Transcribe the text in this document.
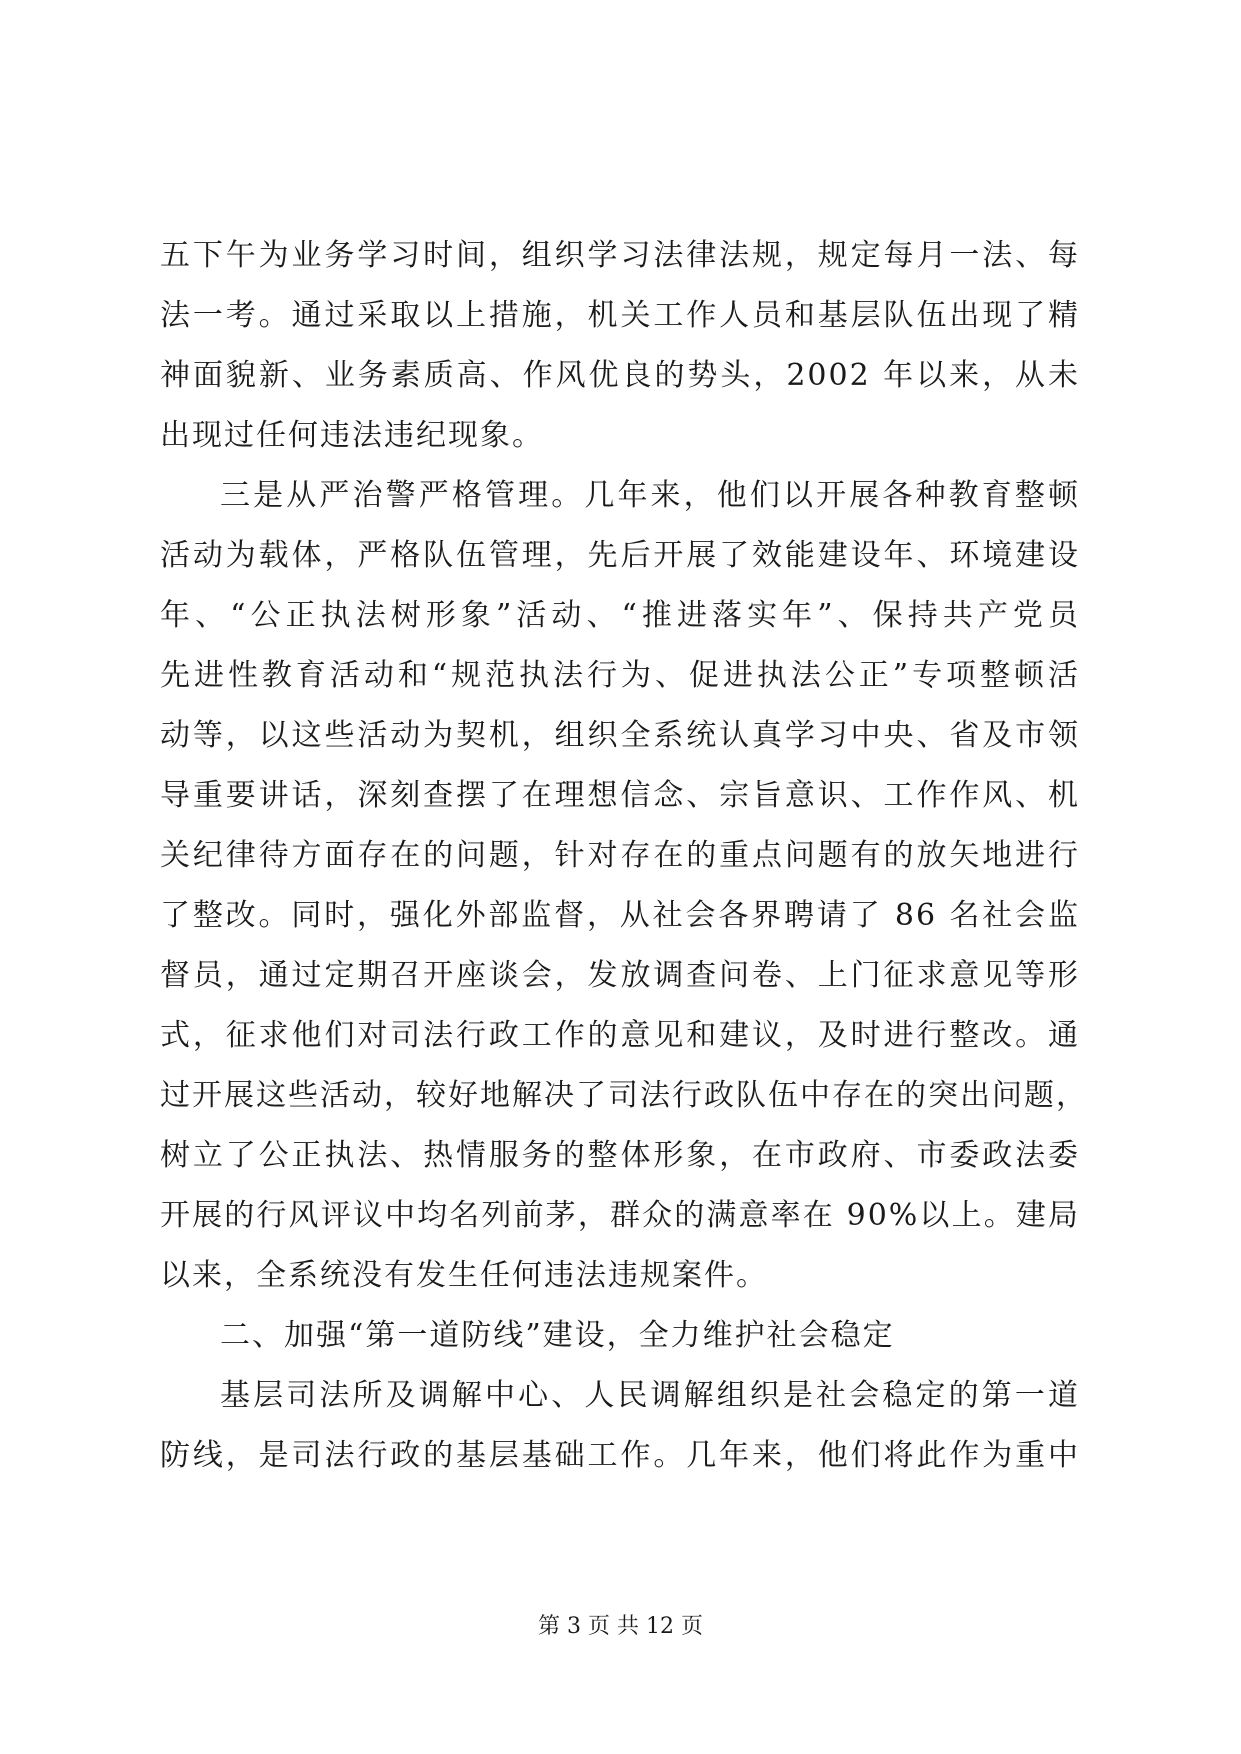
五下午为业务学习时间，组织学习法律法规，规定每月一法、每
法一考。通过采取以上措施，机关工作人员和基层队伍出现了精
神面貌新、业务素质高、作风优良的势头，2002 年以来，从未
出现过任何违法违纪现象。
三是从严治警严格管理。几年来，他们以开展各种教育整顿
活动为载体，严格队伍管理，先后开展了效能建设年、环境建设
年、“公正执法树形象”活动、“推进落实年”、保持共产党员
先进性教育活动和“规范执法行为、促进执法公正”专项整顿活
动等，以这些活动为契机，组织全系统认真学习中央、省及市领
导重要讲话，深刻查摆了在理想信念、宗旨意识、工作作风、机
关纪律待方面存在的问题，针对存在的重点问题有的放矢地进行
了整改。同时，强化外部监督，从社会各界聘请了 86 名社会监
督员，通过定期召开座谈会，发放调查问卷、上门征求意见等形
式，征求他们对司法行政工作的意见和建议，及时进行整改。通
过开展这些活动，较好地解决了司法行政队伍中存在的突出问题，
树立了公正执法、热情服务的整体形象，在市政府、市委政法委
开展的行风评议中均名列前茅，群众的满意率在 90%以上。建局
以来，全系统没有发生任何违法违规案件。
二、加强“第一道防线”建设，全力维护社会稳定
基层司法所及调解中心、人民调解组织是社会稳定的第一道
防线，是司法行政的基层基础工作。几年来，他们将此作为重中
第 3 页 共 12 页
